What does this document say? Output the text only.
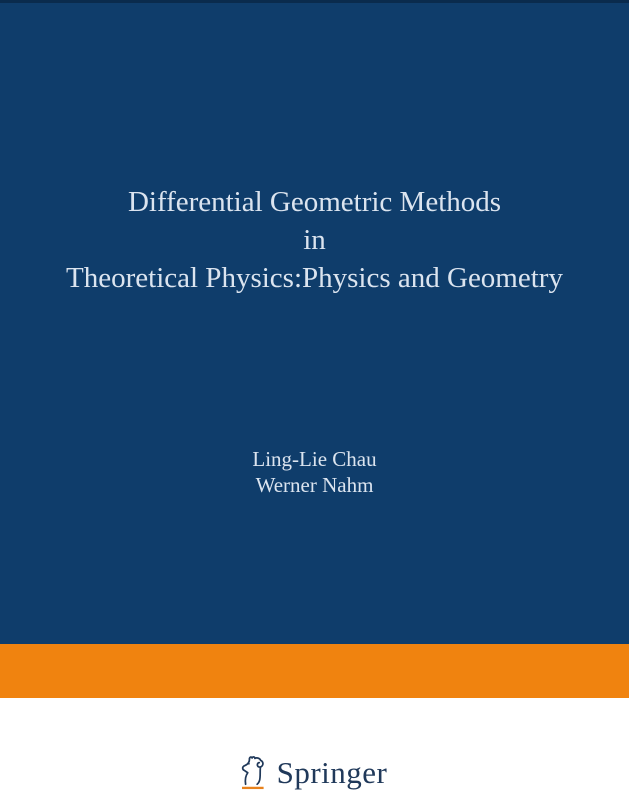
Differential Geometric Methods
in
Theoretical Physics:Physics and Geometry
Ling-Lie Chau
Werner Nahm
Springer
